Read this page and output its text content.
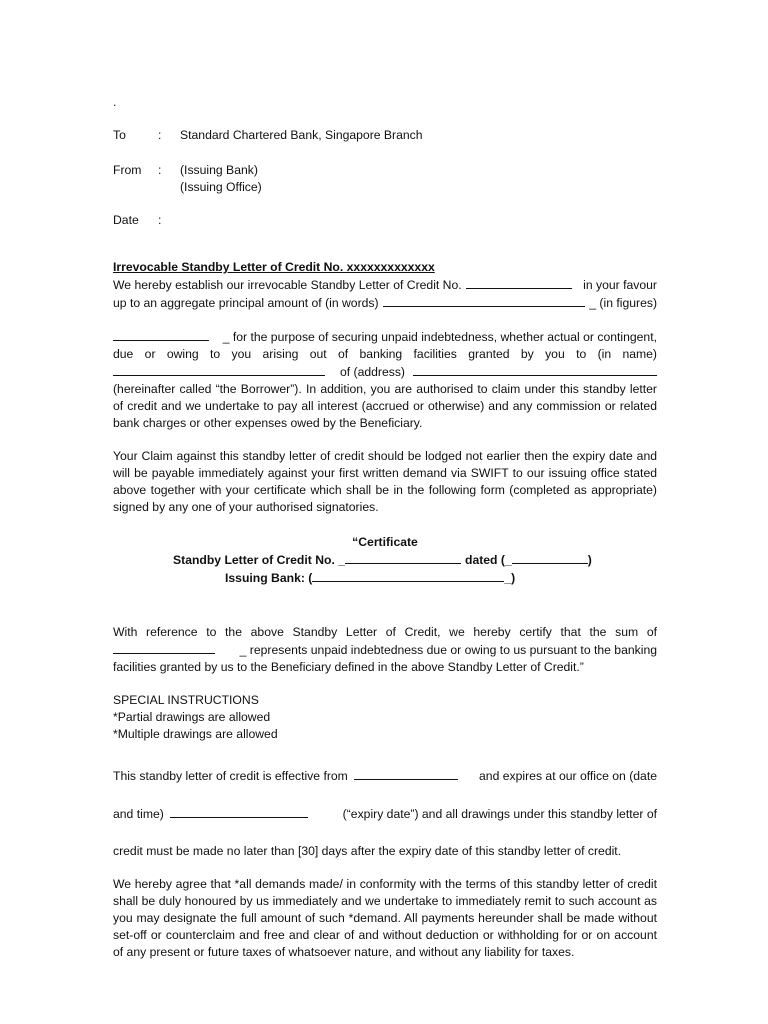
.
To	:	Standard Chartered Bank, Singapore Branch
From	:	(Issuing Bank)
(Issuing Office)
Date	:
Irrevocable Standby Letter of Credit No. xxxxxxxxxxxxx
We hereby establish our irrevocable Standby Letter of Credit No.	in your favour
up to an aggregate principal amount of (in words)	_ (in figures)
_ for the purpose of securing unpaid indebtedness, whether actual or contingent,
due or owing to you arising out of banking facilities granted by you to (in name)
of (address)
(hereinafter called “the Borrower”). In addition, you are authorised to claim under this standby letter of credit and we undertake to pay all interest (accrued or otherwise) and any commission or related bank charges or other expenses owed by the Beneficiary.
Your Claim against this standby letter of credit should be lodged not earlier then the expiry date and will be payable immediately against your first written demand via SWIFT to our issuing office stated above together with your certificate which shall be in the following form (completed as appropriate) signed by any one of your authorised signatories.
“Certificate
Standby Letter of Credit No. _	dated (_	)
Issuing Bank: (	_)
With reference to the above Standby Letter of Credit, we hereby certify that the sum of
_ represents unpaid indebtedness due or owing to us pursuant to the banking
facilities granted by us to the Beneficiary defined in the above Standby Letter of Credit.”
SPECIAL INSTRUCTIONS
*Partial drawings are allowed
*Multiple drawings are allowed
This standby letter of credit is effective from	and expires at our office on (date
and time)	(“expiry date”) and all drawings under this standby letter of
credit must be made no later than [30] days after the expiry date of this standby letter of credit.
We hereby agree that *all demands made/ in conformity with the terms of this standby letter of credit shall be duly honoured by us immediately and we undertake to immediately remit to such account as you may designate the full amount of such *demand. All payments hereunder shall be made without set-off or counterclaim and free and clear of and without deduction or withholding for or on account of any present or future taxes of whatsoever nature, and without any liability for taxes.
